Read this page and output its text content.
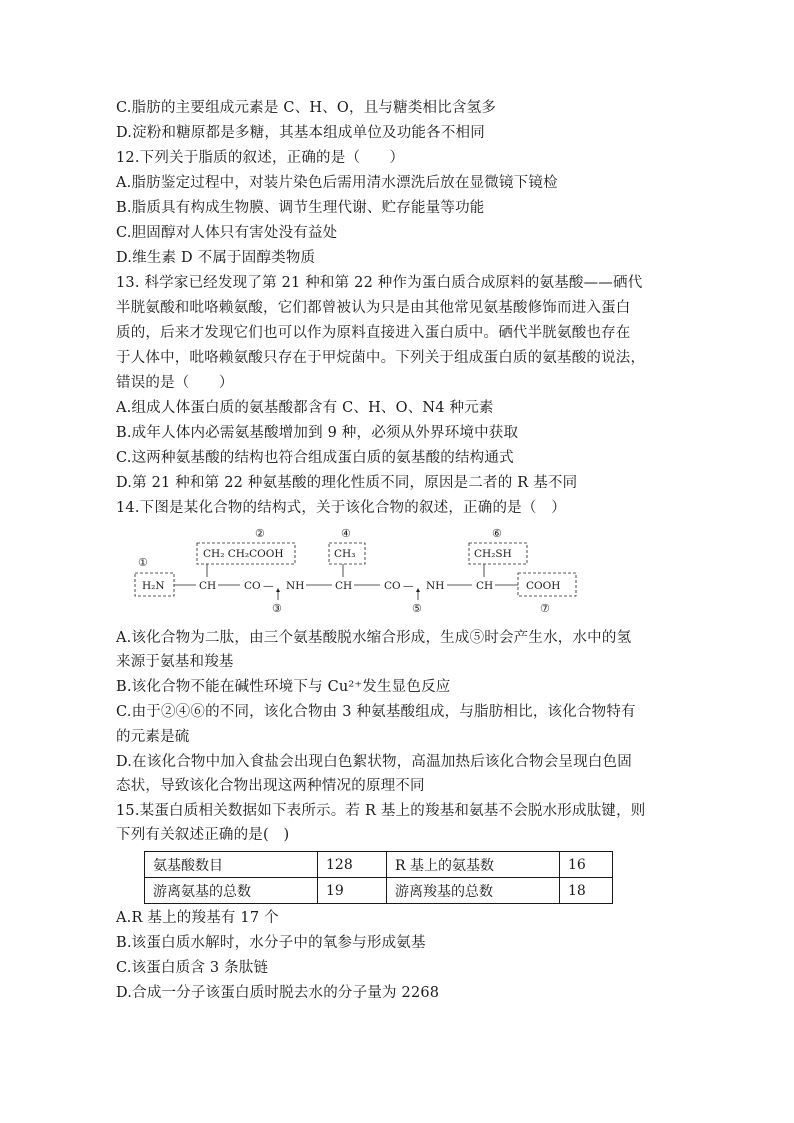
C.脂肪的主要组成元素是 C、H、O，且与糖类相比含氢多
D.淀粉和糖原都是多糖，其基本组成单位及功能各不相同
12.下列关于脂质的叙述，正确的是（　　）
A.脂肪鉴定过程中，对装片染色后需用清水漂洗后放在显微镜下镜检
B.脂质具有构成生物膜、调节生理代谢、贮存能量等功能
C.胆固醇对人体只有害处没有益处
D.维生素 D 不属于固醇类物质
13. 科学家已经发现了第 21 种和第 22 种作为蛋白质合成原料的氨基酸——硒代
半胱氨酸和吡咯赖氨酸，它们都曾被认为只是由其他常见氨基酸修饰而进入蛋白
质的，后来才发现它们也可以作为原料直接进入蛋白质中。硒代半胱氨酸也存在
于人体中，吡咯赖氨酸只存在于甲烷菌中。下列关于组成蛋白质的氨基酸的说法，
错误的是（　　）
A.组成人体蛋白质的氨基酸都含有 C、H、O、N4 种元素
B.成年人体内必需氨基酸增加到 9 种，必须从外界环境中获取
C.这两种氨基酸的结构也符合组成蛋白质的氨基酸的结构通式
D.第 21 种和第 22 种氨基酸的理化性质不同，原因是二者的 R 基不同
14.下图是某化合物的结构式，关于该化合物的叙述，正确的是（　）
②	④	⑥
①
CH₂ CH₂COOH	CH₃	CH₂SH
H₂N	CH	CO — NH	CH	CO — NH	CH	COOH
③	⑤	⑦
A.该化合物为二肽，由三个氨基酸脱水缩合形成，生成⑤时会产生水，水中的氢
来源于氨基和羧基
B.该化合物不能在碱性环境下与 Cu²⁺发生显色反应
C.由于②④⑥的不同，该化合物由 3 种氨基酸组成，与脂肪相比，该化合物特有
的元素是硫
D.在该化合物中加入食盐会出现白色絮状物，高温加热后该化合物会呈现白色固
态状，导致该化合物出现这两种情况的原理不同
15.某蛋白质相关数据如下表所示。若 R 基上的羧基和氨基不会脱水形成肽键，则
下列有关叙述正确的是(　)
氨基酸数目	128	R 基上的氨基数	16
游离氨基的总数	19	游离羧基的总数	18
A.R 基上的羧基有 17 个
B.该蛋白质水解时，水分子中的氧参与形成氨基
C.该蛋白质含 3 条肽链
D.合成一分子该蛋白质时脱去水的分子量为 2268
